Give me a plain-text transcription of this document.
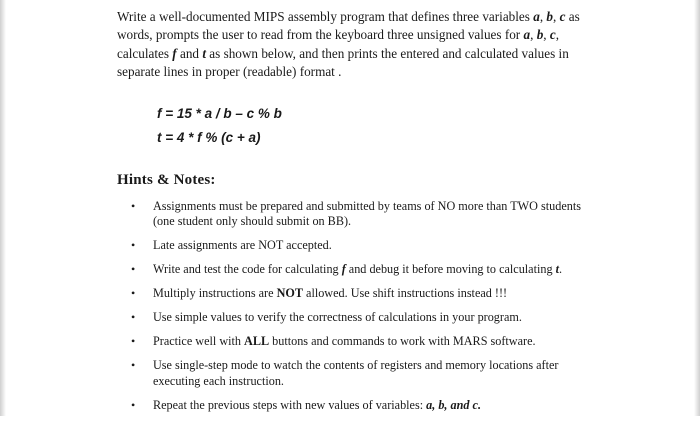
Write a well-documented MIPS assembly program that defines three variables a, b, c as words, prompts the user to read from the keyboard three unsigned values for a, b, c, calculates f and t as shown below, and then prints the entered and calculated values in separate lines in proper (readable) format .

f = 15 * a / b – c % b
t = 4 * f % (c + a)
Hints & Notes:
• Assignments must be prepared and submitted by teams of NO more than TWO students (one student only should submit on BB).
• Late assignments are NOT accepted.
• Write and test the code for calculating f and debug it before moving to calculating t.
• Multiply instructions are NOT allowed. Use shift instructions instead !!!
• Use simple values to verify the correctness of calculations in your program.
• Practice well with ALL buttons and commands to work with MARS software.
• Use single-step mode to watch the contents of registers and memory locations after executing each instruction.
• Repeat the previous steps with new values of variables: a, b, and c.
